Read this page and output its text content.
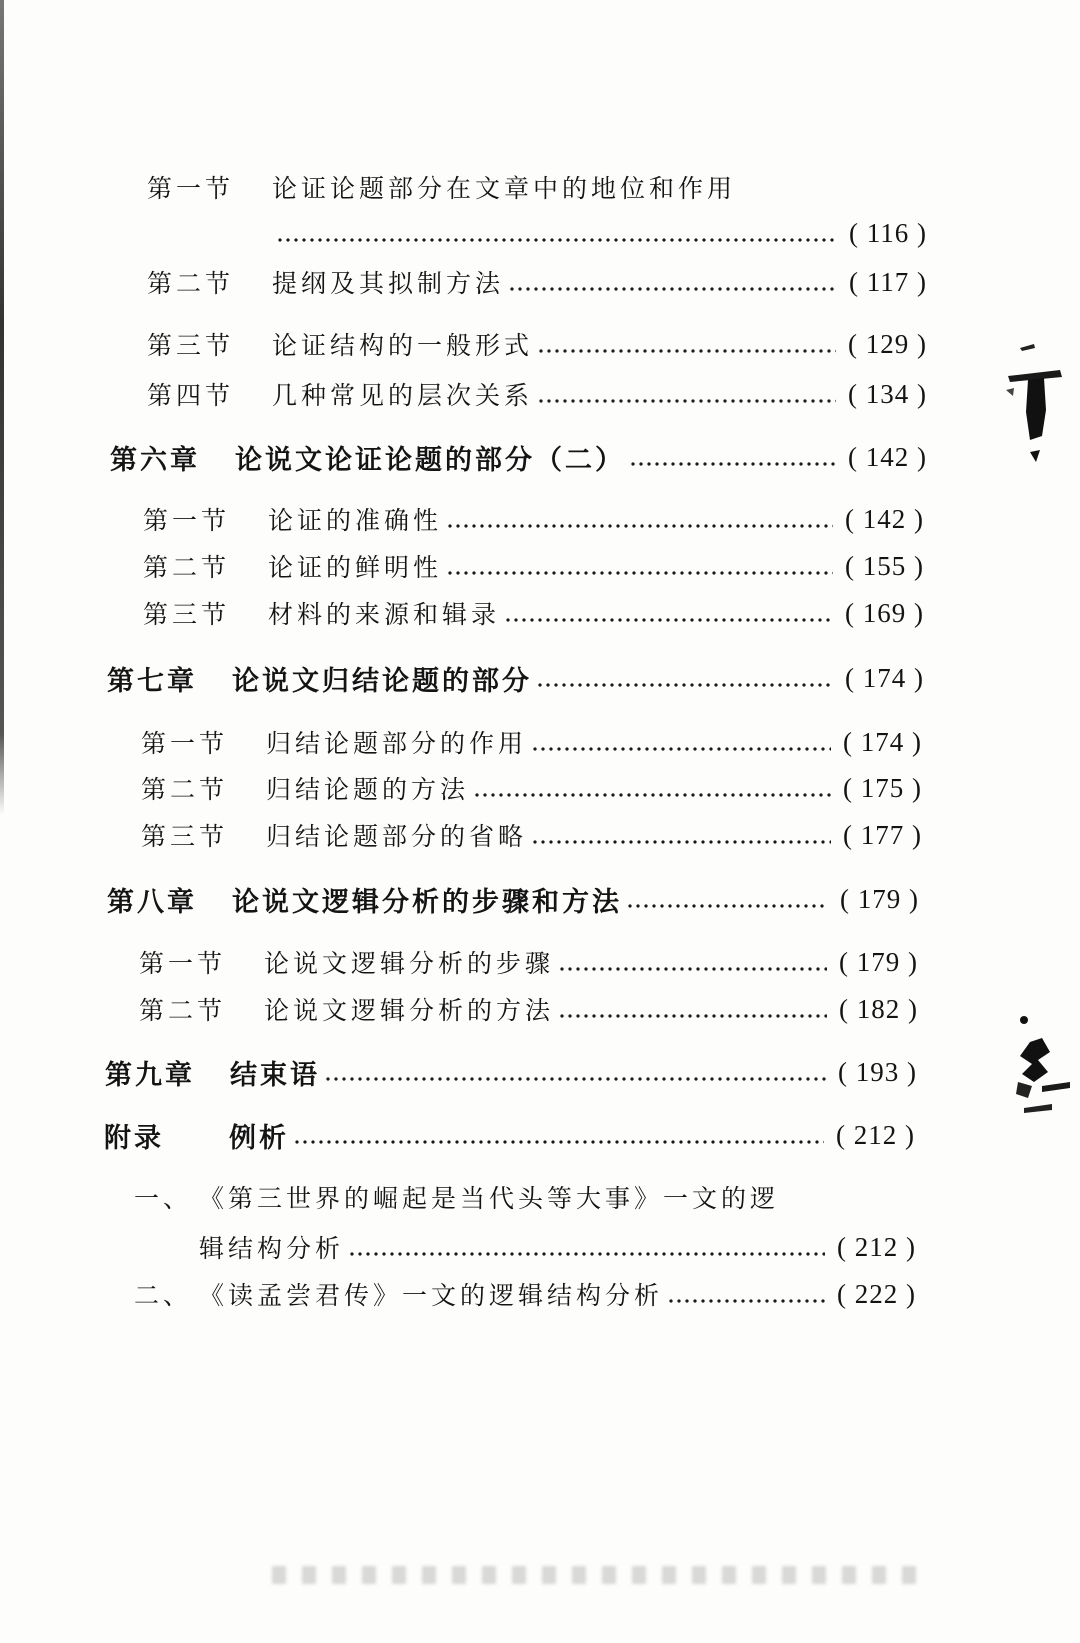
第一节	论证论题部分在文章中的地位和作用
( 116 )
第二节	提纲及其拟制方法	( 117 )
第三节	论证结构的一般形式	( 129 )
第四节	几种常见的层次关系	( 134 )
第六章	论说文论证论题的部分（二）	( 142 )
第一节	论证的准确性	( 142 )
第二节	论证的鲜明性	( 155 )
第三节	材料的来源和辑录	( 169 )
第七章	论说文归结论题的部分	( 174 )
第一节	归结论题部分的作用	( 174 )
第二节	归结论题的方法	( 175 )
第三节	归结论题部分的省略	( 177 )
第八章	论说文逻辑分析的步骤和方法	( 179 )
第一节	论说文逻辑分析的步骤	( 179 )
第二节	论说文逻辑分析的方法	( 182 )
第九章	结束语	( 193 )
附录	例析	( 212 )
一、 《第三世界的崛起是当代头等大事》一文的逻
辑结构分析	( 212 )
二、 《读孟尝君传》一文的逻辑结构分析	( 222 )
